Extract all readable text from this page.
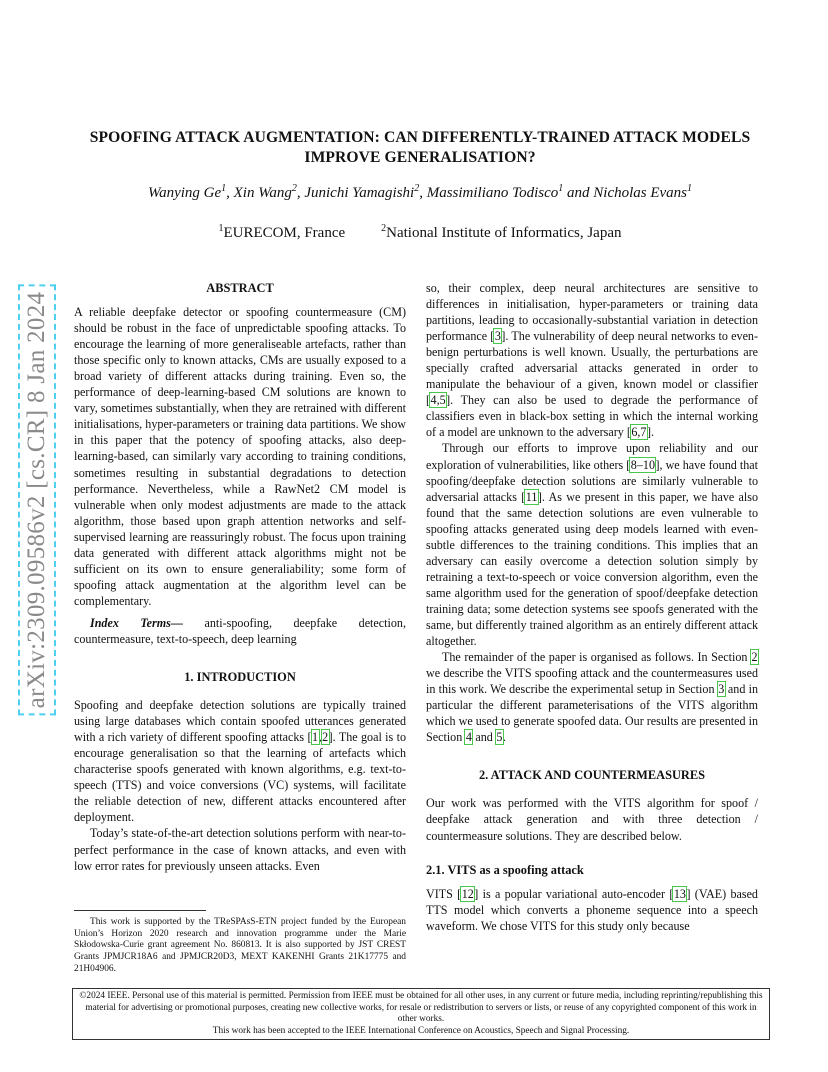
arXiv:2309.09586v2 [cs.CR] 8 Jan 2024
SPOOFING ATTACK AUGMENTATION: CAN DIFFERENTLY-TRAINED ATTACK MODELS IMPROVE GENERALISATION?
Wanying Ge$^1$, Xin Wang$^2$, Junichi Yamagishi$^2$, Massimiliano Todisco$^1$ and Nicholas Evans$^1$
$^1$EURECOM, France	$^2$National Institute of Informatics, Japan

ABSTRACT

A reliable deepfake detector or spoofing countermeasure (CM) should be robust in the face of unpredictable spoofing attacks. To encourage the learning of more generaliseable artefacts, rather than those specific only to known attacks, CMs are usually exposed to a broad variety of different attacks during training. Even so, the performance of deep-learning-based CM solutions are known to vary, sometimes substantially, when they are retrained with different initialisations, hyper-parameters or training data partitions. We show in this paper that the potency of spoofing attacks, also deep-learning-based, can similarly vary according to training conditions, sometimes resulting in substantial degradations to detection performance. Nevertheless, while a RawNet2 CM model is vulnerable when only modest adjustments are made to the attack algorithm, those based upon graph attention networks and self-supervised learning are reassuringly robust. The focus upon training data generated with different attack algorithms might not be sufficient on its own to ensure generaliability; some form of spoofing attack augmentation at the algorithm level can be complementary.

Index Terms— anti-spoofing, deepfake detection, countermeasure, text-to-speech, deep learning

1. INTRODUCTION

Spoofing and deepfake detection solutions are typically trained using large databases which contain spoofed utterances generated with a rich variety of different spoofing attacks [1,2]. The goal is to encourage generalisation so that the learning of artefacts which characterise spoofs generated with known algorithms, e.g. text-to-speech (TTS) and voice conversions (VC) systems, will facilitate the reliable detection of new, different attacks encountered after deployment.

Today’s state-of-the-art detection solutions perform with near-to-perfect performance in the case of known attacks, and even with low error rates for previously unseen attacks. Even

so, their complex, deep neural architectures are sensitive to differences in initialisation, hyper-parameters or training data partitions, leading to occasionally-substantial variation in detection performance [3]. The vulnerability of deep neural networks to even-benign perturbations is well known. Usually, the perturbations are specially crafted adversarial attacks generated in order to manipulate the behaviour of a given, known model or classifier [4,5]. They can also be used to degrade the performance of classifiers even in black-box setting in which the internal working of a model are unknown to the adversary [6,7].

Through our efforts to improve upon reliability and our exploration of vulnerabilities, like others [8–10], we have found that spoofing/deepfake detection solutions are similarly vulnerable to adversarial attacks [11]. As we present in this paper, we have also found that the same detection solutions are even vulnerable to spoofing attacks generated using deep models learned with even-subtle differences to the training conditions. This implies that an adversary can easily overcome a detection solution simply by retraining a text-to-speech or voice conversion algorithm, even the same algorithm used for the generation of spoof/deepfake detection training data; some detection systems see spoofs generated with the same, but differently trained algorithm as an entirely different attack altogether.

The remainder of the paper is organised as follows. In Section 2 we describe the VITS spoofing attack and the countermeasures used in this work. We describe the experimental setup in Section 3 and in particular the different parameterisations of the VITS algorithm which we used to generate spoofed data. Our results are presented in Section 4 and 5.

2. ATTACK AND COUNTERMEASURES

Our work was performed with the VITS algorithm for spoof / deepfake attack generation and with three detection / countermeasure solutions. They are described below.

2.1. VITS as a spoofing attack

VITS [12] is a popular variational auto-encoder [13] (VAE) based TTS model which converts a phoneme sequence into a speech waveform. We chose VITS for this study only because

This work is supported by the TReSPAsS-ETN project funded by the European Union’s Horizon 2020 research and innovation programme under the Marie Skłodowska-Curie grant agreement No. 860813. It is also supported by JST CREST Grants JPMJCR18A6 and JPMJCR20D3, MEXT KAKENHI Grants 21K17775 and 21H04906.
©2024 IEEE. Personal use of this material is permitted. Permission from IEEE must be obtained for all other uses, in any current or future media, including reprinting/republishing this material for advertising or promotional purposes, creating new collective works, for resale or redistribution to servers or lists, or reuse of any copyrighted component of this work in other works.
This work has been accepted to the IEEE International Conference on Acoustics, Speech and Signal Processing.
